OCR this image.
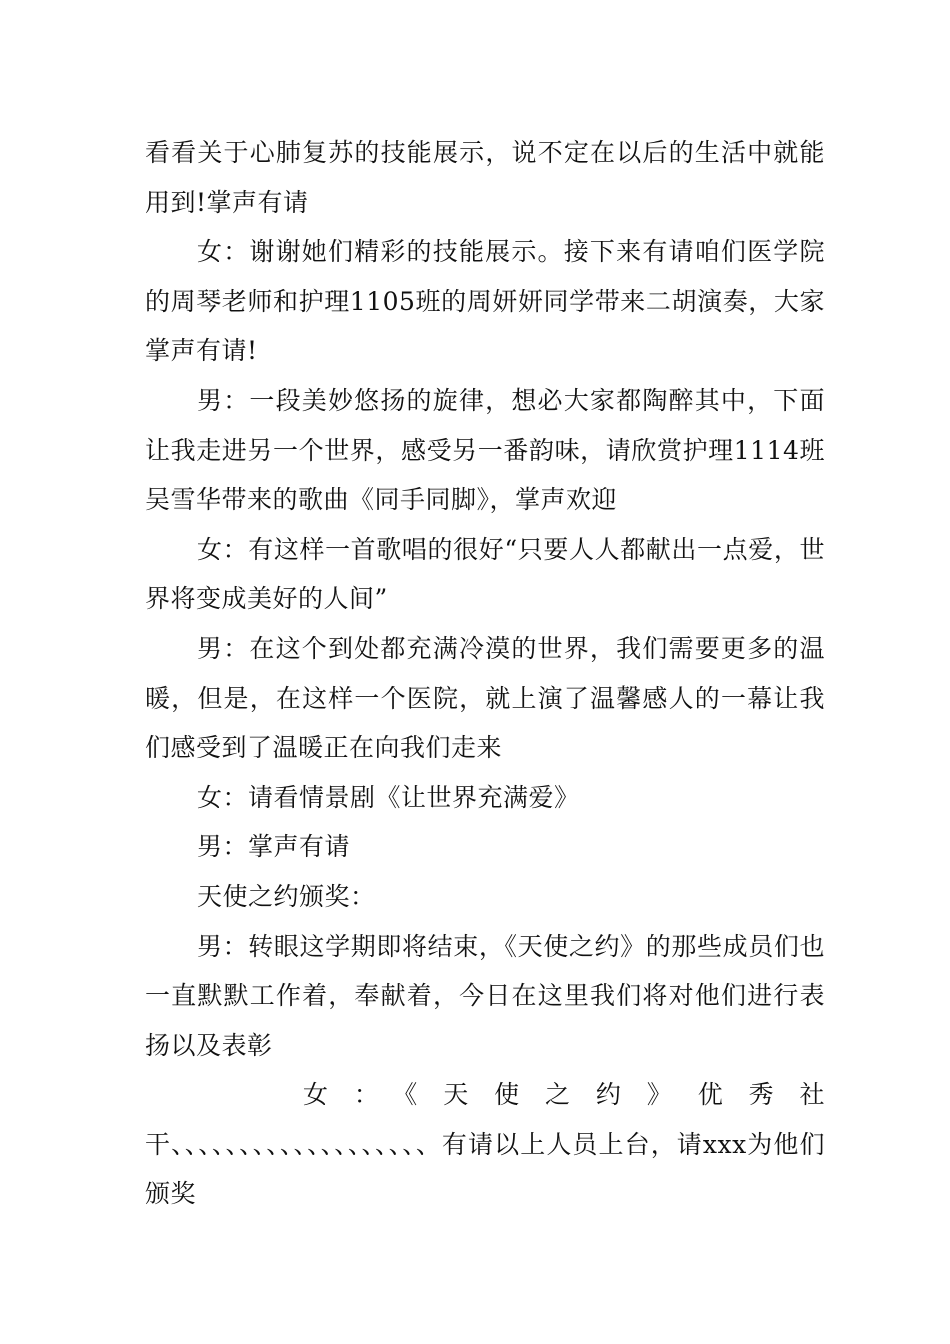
看看关于心肺复苏的技能展示，说不定在以后的生活中就能用到!掌声有请

女：谢谢她们精彩的技能展示。接下来有请咱们医学院的周琴老师和护理1105班的周妍妍同学带来二胡演奏，大家掌声有请!

男：一段美妙悠扬的旋律，想必大家都陶醉其中，下面让我走进另一个世界，感受另一番韵味，请欣赏护理1114班吴雪华带来的歌曲《同手同脚》，掌声欢迎

女：有这样一首歌唱的很好“只要人人都献出一点爱，世界将变成美好的人间”

男：在这个到处都充满冷漠的世界，我们需要更多的温暖，但是，在这样一个医院，就上演了温馨感人的一幕让我们感受到了温暖正在向我们走来

女：请看情景剧《让世界充满爱》

男：掌声有请

天使之约颁奖：

男：转眼这学期即将结束，《天使之约》的那些成员们也一直默默工作着，奉献着，今日在这里我们将对他们进行表扬以及表彰

女：《天使之约》优秀社
干、、、、、、、、、、、、、、、、、、、有请以上人员上台，请xxx为他们颁奖
